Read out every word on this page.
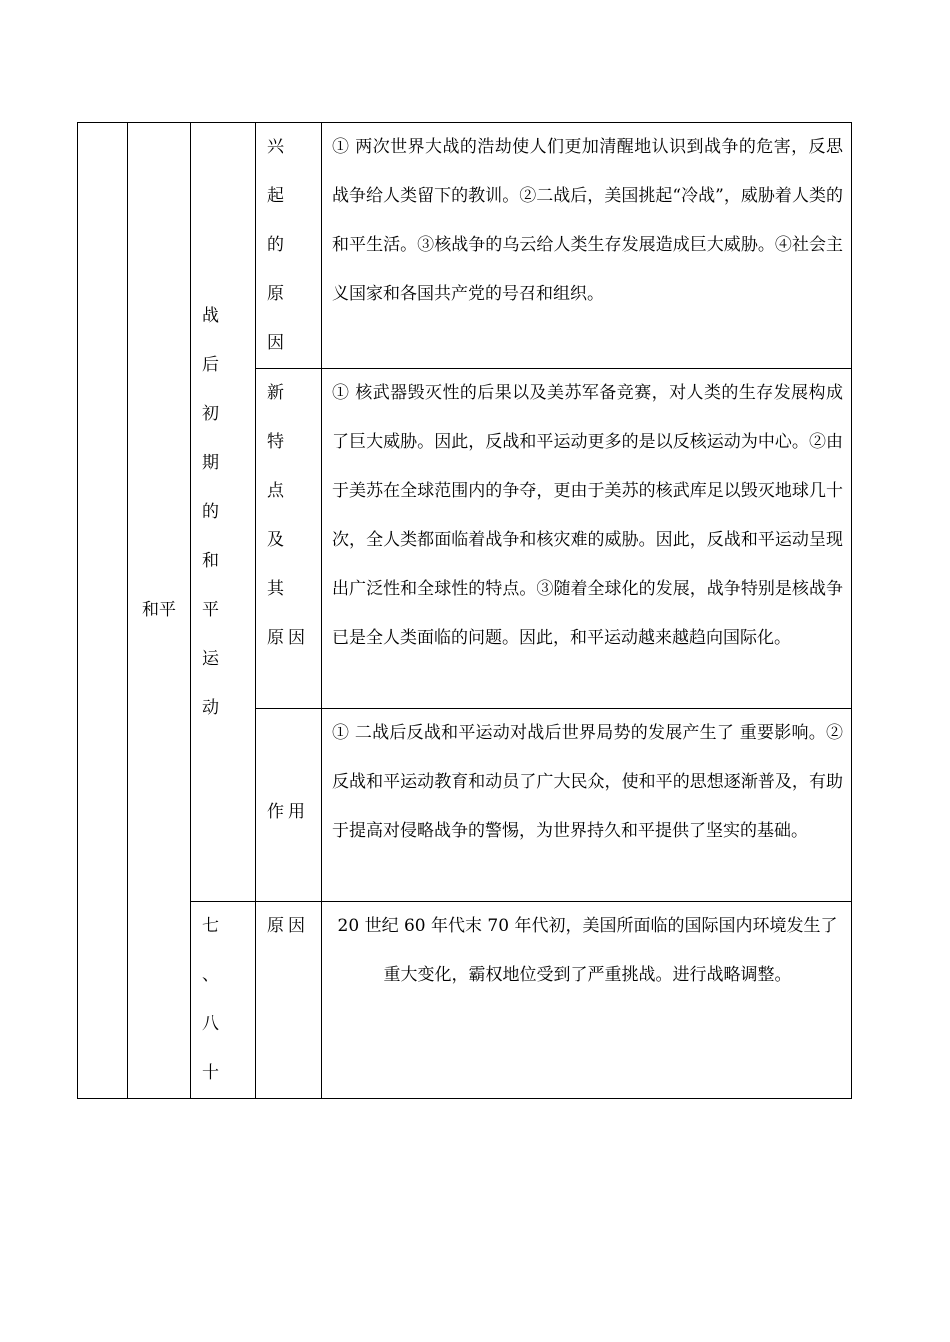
	和平	战 后
初 期
的 和
平 运
动	兴 起
的 原
因	① 两次世界大战的浩劫使人们更加清醒地认识到战争的危害，反思战争给人类留下的教训。②二战后，美国挑起“冷战”，威胁着人类的和平生活。③核战争的乌云给人类生存发展造成巨大威胁。④社会主义国家和各国共产党的号召和组织。

			新 特
点
及 其
原因	① 核武器毁灭性的后果以及美苏军备竞赛，对人类的生存发展构成了巨大威胁。因此，反战和平运动更多的是以反核运动为中心。②由于美苏在全球范围内的争夺，更由于美苏的核武库足以毁灭地球几十次，全人类都面临着战争和核灾难的威胁。因此，反战和平运动呈现出广泛性和全球性的特点。③随着全球化的发展，战争特别是核战争已是全人类面临的问题。因此，和平运动越来越趋向国际化。

			作用	① 二战后反战和平运动对战后世界局势的发展产生了 重要影响。②反战和平运动教育和动员了广大民众，使和平的思想逐渐普及，有助于提高对侵略战争的警惕，为世界持久和平提供了坚实的基础。

		七 、
八 十	原因	20 世纪 60 年代末 70 年代初，美国所面临的国际国内环境发生了重大变化，霸权地位受到了严重挑战。进行战略调整。
